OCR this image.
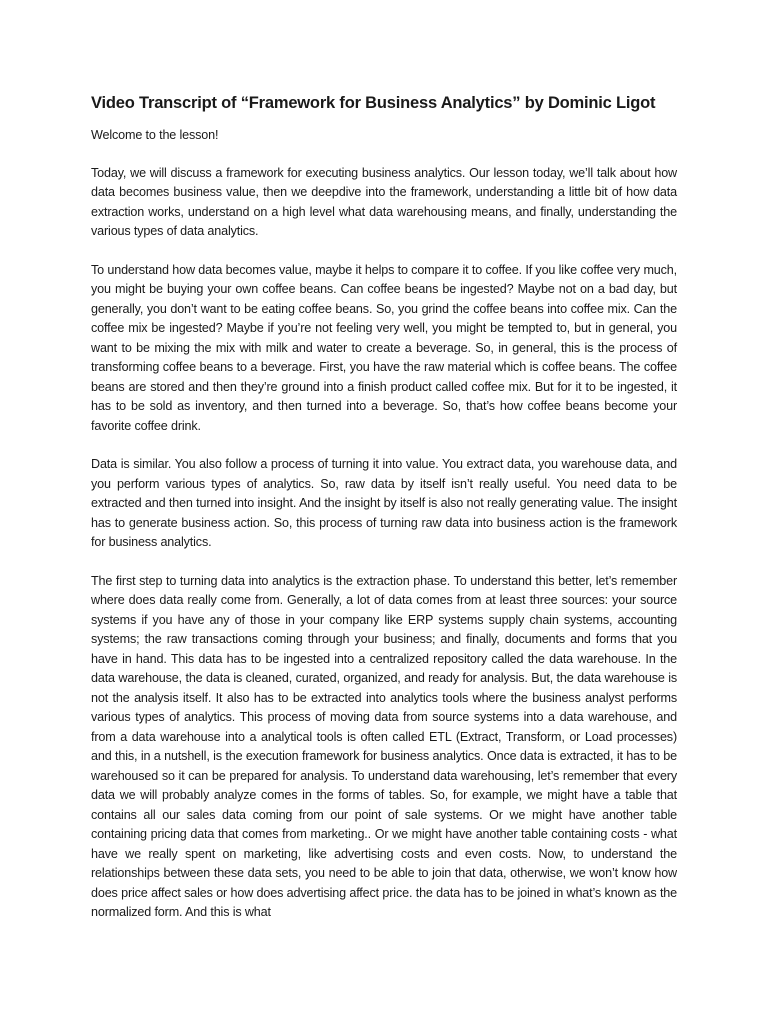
Video Transcript of “Framework for Business Analytics” by Dominic Ligot

Welcome to the lesson!

Today, we will discuss a framework for executing business analytics. Our lesson today, we’ll talk about how data becomes business value, then we deepdive into the framework, understanding a little bit of how data extraction works, understand on a high level what data warehousing means, and finally, understanding the various types of data analytics.

To understand how data becomes value, maybe it helps to compare it to coffee. If you like coffee very much, you might be buying your own coffee beans. Can coffee beans be ingested? Maybe not on a bad day, but generally, you don’t want to be eating coffee beans. So, you grind the coffee beans into coffee mix. Can the coffee mix be ingested? Maybe if you’re not feeling very well, you might be tempted to, but in general, you want to be mixing the mix with milk and water to create a beverage. So, in general, this is the process of transforming coffee beans to a beverage. First, you have the raw material which is coffee beans. The coffee beans are stored and then they’re ground into a finish product called coffee mix. But for it to be ingested, it has to be sold as inventory, and then turned into a beverage. So, that’s how coffee beans become your favorite coffee drink.

Data is similar. You also follow a process of turning it into value. You extract data, you warehouse data, and you perform various types of analytics. So, raw data by itself isn’t really useful. You need data to be extracted and then turned into insight. And the insight by itself is also not really generating value. The insight has to generate business action. So, this process of turning raw data into business action is the framework for business analytics.

The first step to turning data into analytics is the extraction phase. To understand this better, let’s remember where does data really come from. Generally, a lot of data comes from at least three sources: your source systems if you have any of those in your company like ERP systems supply chain systems, accounting systems; the raw transactions coming through your business; and finally, documents and forms that you have in hand. This data has to be ingested into a centralized repository called the data warehouse. In the data warehouse, the data is cleaned, curated, organized, and ready for analysis. But, the data warehouse is not the analysis itself. It also has to be extracted into analytics tools where the business analyst performs various types of analytics. This process of moving data from source systems into a data warehouse, and from a data warehouse into a analytical tools is often called ETL (Extract, Transform, or Load processes) and this, in a nutshell, is the execution framework for business analytics. Once data is extracted, it has to be warehoused so it can be prepared for analysis. To understand data warehousing, let’s remember that every data we will probably analyze comes in the forms of tables. So, for example, we might have a table that contains all our sales data coming from our point of sale systems. Or we might have another table containing pricing data that comes from marketing.. Or we might have another table containing costs - what have we really spent on marketing, like advertising costs and even costs. Now, to understand the relationships between these data sets, you need to be able to join that data, otherwise, we won’t know how does price affect sales or how does advertising affect price. the data has to be joined in what’s known as the normalized form. And this is what
